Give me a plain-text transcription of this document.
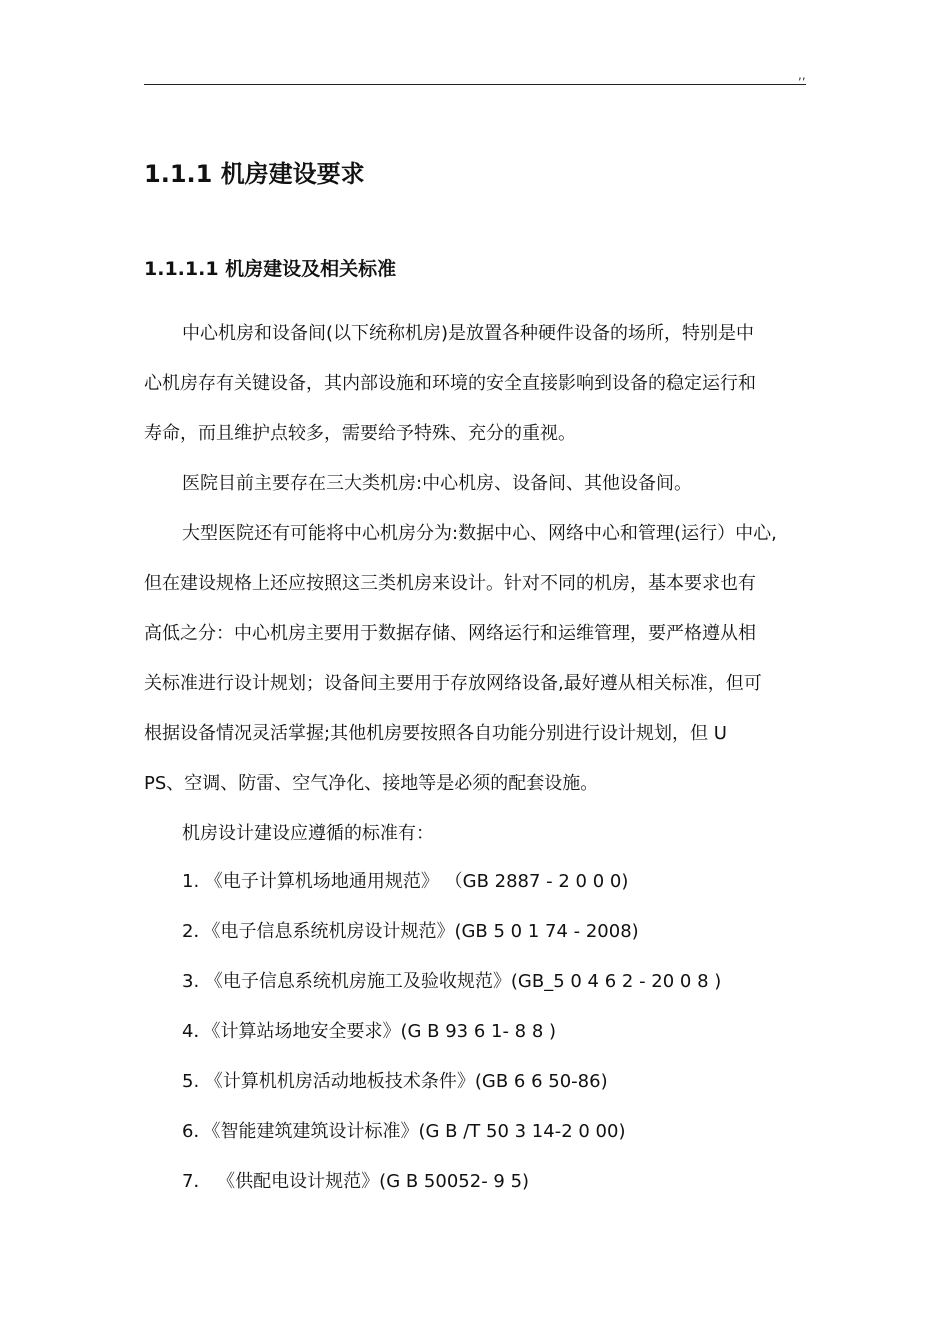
,,
1.1.1 机房建设要求
1.1.1.1 机房建设及相关标准
中心机房和设备间(以下统称机房)是放置各种硬件设备的场所，特别是中
心机房存有关键设备，其内部设施和环境的安全直接影响到设备的稳定运行和
寿命，而且维护点较多，需要给予特殊、充分的重视。
医院目前主要存在三大类机房:中心机房、设备间、其他设备间。
大型医院还有可能将中心机房分为:数据中心、网络中心和管理(运行）中心,
但在建设规格上还应按照这三类机房来设计。针对不同的机房，基本要求也有
高低之分：中心机房主要用于数据存储、网络运行和运维管理，要严格遵从相
关标准进行设计规划；设备间主要用于存放网络设备,最好遵从相关标准，但可
根据设备情况灵活掌握;其他机房要按照各自功能分别进行设计规划，但 U
PS、空调、防雷、空气净化、接地等是必须的配套设施。
机房设计建设应遵循的标准有：
1. 《电子计算机场地通用规范》 （GB 2887 - 2 0 0 0)
2．《电子信息系统机房设计规范》(GB 5 0 1 74 - 2008)
3. 《电子信息系统机房施工及验收规范》(GB_5 0 4 6 2 - 20 0 8 )
4．《计算站场地安全要求》(G B 93 6 1- 8 8 )
5. 《计算机机房活动地板技术条件》(GB 6 6 50-86)
6．《智能建筑建筑设计标准》(G B /T 50 3 14-2 0 00)
7． 《供配电设计规范》(G B 50052- 9 5)
